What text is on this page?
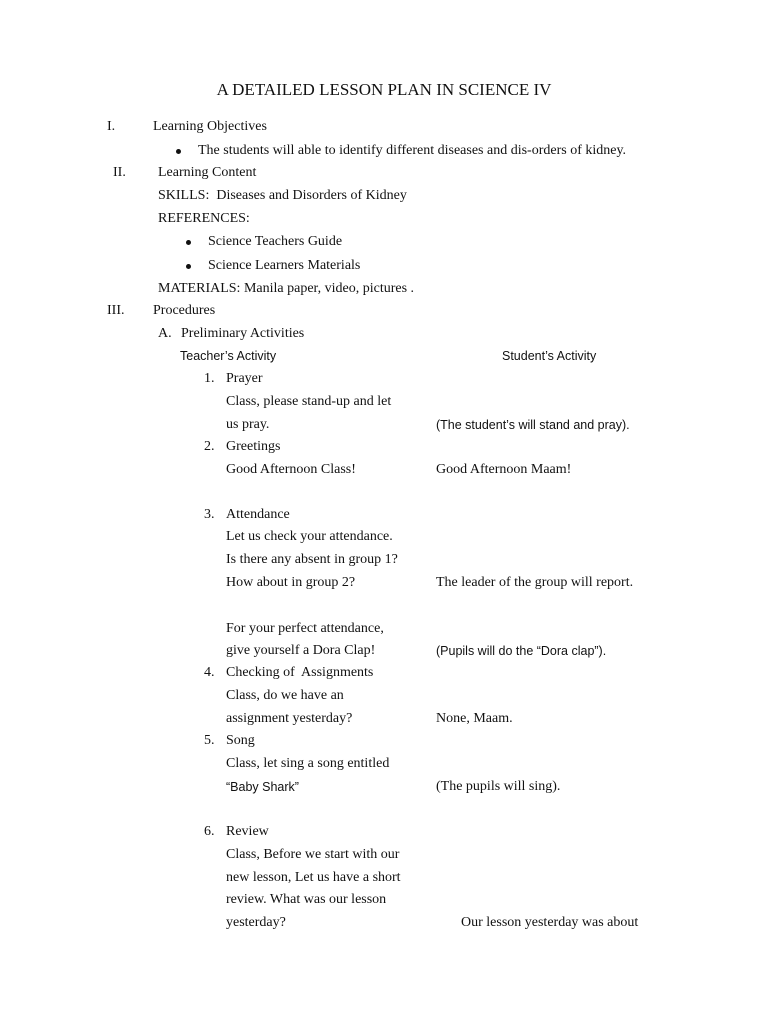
A DETAILED LESSON PLAN IN SCIENCE IV
I.	Learning Objectives
The students will able to identify different diseases and dis-orders of kidney.
II. Learning Content
SKILLS:  Diseases and Disorders of Kidney
REFERENCES:
Science Teachers Guide
Science Learners Materials
MATERIALS: Manila paper, video, pictures .
III. Procedures
A. Preliminary Activities
Teacher’s Activity	Student’s Activity
1. Prayer
Class, please stand-up and let
us pray.	(The student’s will stand and pray).
2. Greetings
Good Afternoon Class!	Good Afternoon Maam!
3. Attendance
Let us check your attendance.
Is there any absent in group 1?
How about in group 2?	The leader of the group will report.
For your perfect attendance,
give yourself a Dora Clap!	(Pupils will do the “Dora clap”).
4. Checking of  Assignments
Class, do we have an
assignment yesterday?	None, Maam.
5. Song
Class, let sing a song entitled
“Baby Shark”	(The pupils will sing).
6. Review
Class, Before we start with our
new lesson, Let us have a short
review. What was our lesson
yesterday?	Our lesson yesterday was about
